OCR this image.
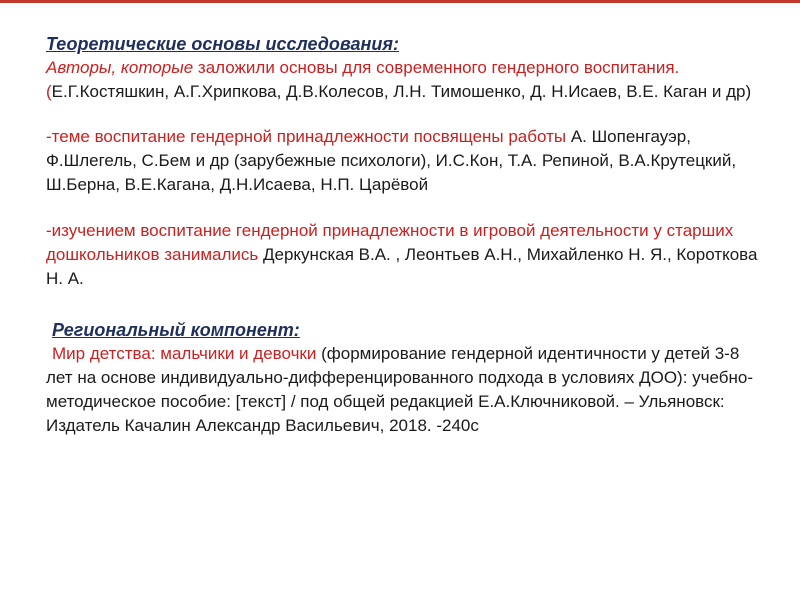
Теоретические основы исследования:

Авторы, которые заложили основы для современного гендерного воспитания.(Е.Г.Костяшкин, А.Г.Хрипкова, Д.В.Колесов, Л.Н. Тимошенко, Д. Н.Исаев, В.Е. Каган и др)

-теме воспитание гендерной принадлежности посвящены работы А. Шопенгауэр, Ф.Шлегель, С.Бем и др (зарубежные психологи), И.С.Кон, Т.А. Репиной, В.А.Крутецкий, Ш.Берна, В.Е.Кагана, Д.Н.Исаева, Н.П. Царёвой

-изучением воспитание гендерной принадлежности в игровой деятельности у старших дошкольников занимались Деркунская В.А. , Леонтьев А.Н., Михайленко Н. Я., Короткова Н. А.

Региональный компонент:

Мир детства: мальчики и девочки (формирование гендерной идентичности у детей 3-8 лет на основе индивидуально-дифференцированного подхода в условиях ДОО): учебно-методическое пособие: [текст] / под общей редакцией Е.А.Ключниковой. – Ульяновск: Издатель Качалин Александр Васильевич, 2018. -240с
